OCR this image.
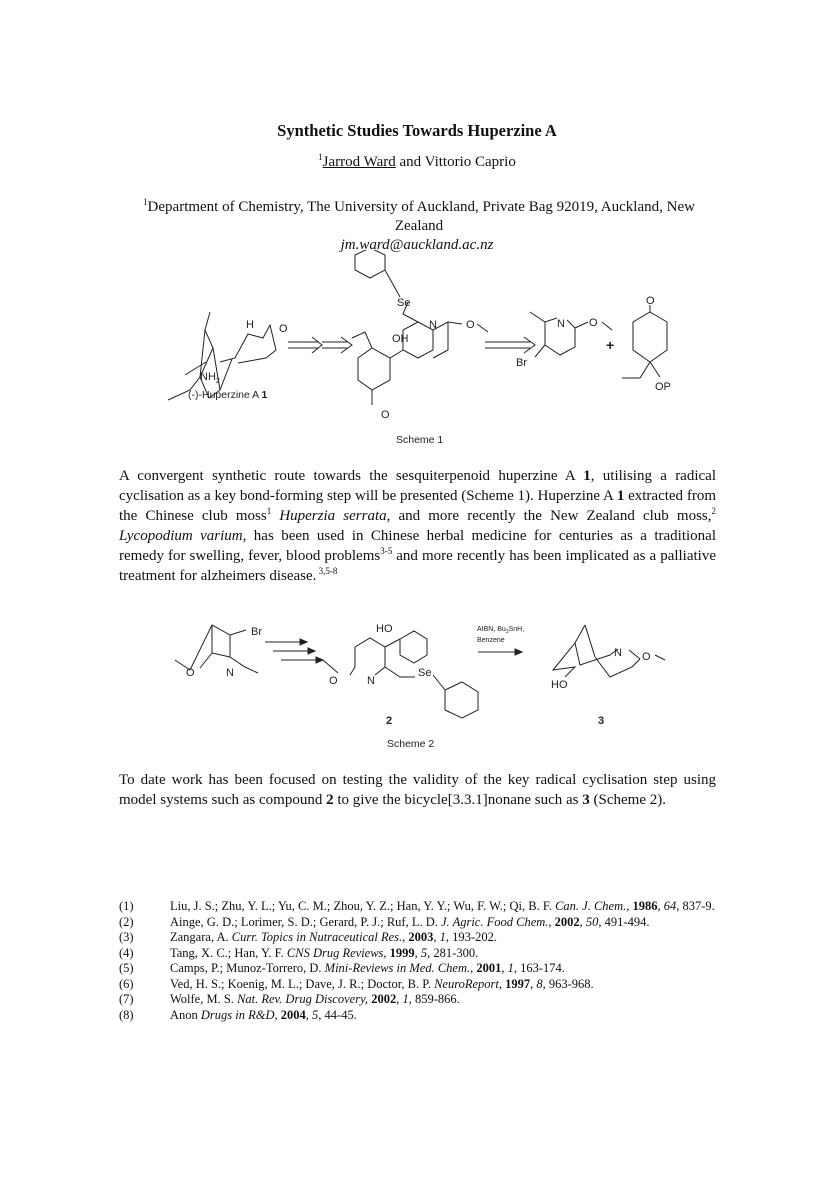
Synthetic Studies Towards Huperzine A
$^1$Jarrod Ward and Vittorio Caprio
$^1$Department of Chemistry, The University of Auckland, Private Bag 92019, Auckland, New Zealand
jm.ward@auckland.ac.nz
H O
$NH_2$
(-)-Huperzine A 1
Se
N	O
OH
O
N O
Br
+
O
OP
Scheme 1
A convergent synthetic route towards the sesquiterpenoid huperzine A 1, utilising a radical cyclisation as a key bond-forming step will be presented (Scheme 1). Huperzine A 1 extracted from the Chinese club moss$^1$ Huperzia serrata, and more recently the New Zealand club moss,$^2$ Lycopodium varium, has been used in Chinese herbal medicine for centuries as a traditional remedy for swelling, fever, blood problems$^{3-5}$ and more recently has been implicated as a palliative treatment for alzheimers disease. $^{3,5-8}$
Br
N
O
HO
N
O
Se
2
AIBN, $Bu_3SnH$,
Benzene
N O
HO
3
Scheme 2
To date work has been focused on testing the validity of the key radical cyclisation step using model systems such as compound 2 to give the bicycle[3.3.1]nonane such as 3 (Scheme 2).
(1)	Liu, J. S.; Zhu, Y. L.; Yu, C. M.; Zhou, Y. Z.; Han, Y. Y.; Wu, F. W.; Qi, B. F. Can. J. Chem., 1986, 64, 837-9.
(2)	Ainge, G. D.; Lorimer, S. D.; Gerard, P. J.; Ruf, L. D. J. Agric. Food Chem., 2002, 50, 491-494.
(3)	Zangara, A. Curr. Topics in Nutraceutical Res., 2003, 1, 193-202.
(4)	Tang, X. C.; Han, Y. F. CNS Drug Reviews, 1999, 5, 281-300.
(5)	Camps, P.; Munoz-Torrero, D. Mini-Reviews in Med. Chem., 2001, 1, 163-174.
(6)	Ved, H. S.; Koenig, M. L.; Dave, J. R.; Doctor, B. P. NeuroReport, 1997, 8, 963-968.
(7)	Wolfe, M. S. Nat. Rev. Drug Discovery, 2002, 1, 859-866.
(8)	Anon Drugs in R&D, 2004, 5, 44-45.
